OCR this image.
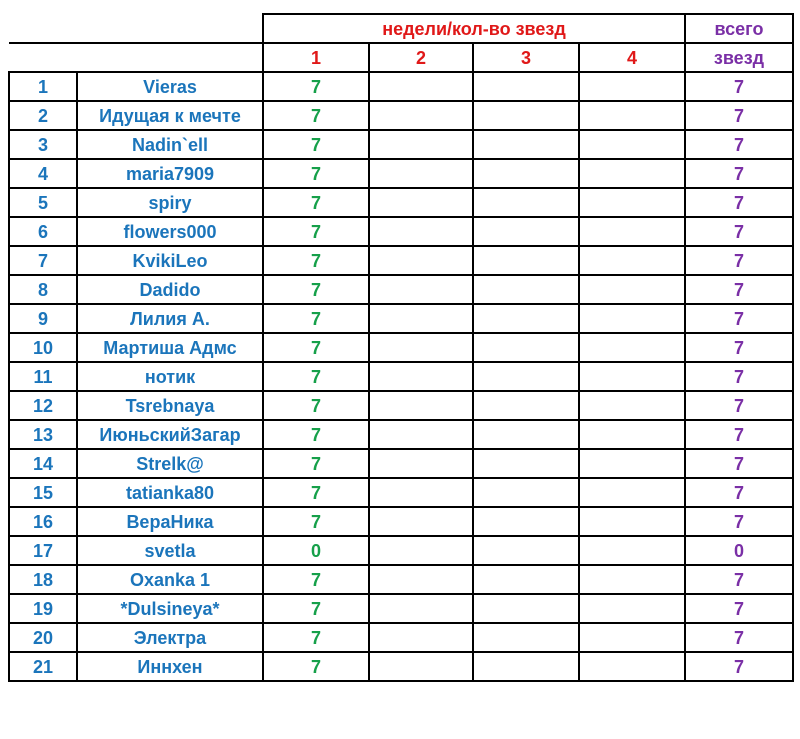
		недели/кол-во звезд				всего
		1	2	3	4	звезд
1	Vieras	7				7
2	Идущая к мечте	7				7
3	Nadin`ell	7				7
4	maria7909	7				7
5	spiry	7				7
6	flowers000	7				7
7	KvikiLeo	7				7
8	Dadido	7				7
9	Лилия А.	7				7
10	Мартиша Адмс	7				7
11	нотик	7				7
12	Tsrebnaya	7				7
13	ИюньскийЗагар	7				7
14	Strelk@	7				7
15	tatianka80	7				7
16	ВераНика	7				7
17	svetla	0				0
18	Охаnka 1	7				7
19	*Dulsineya*	7				7
20	Электра	7				7
21	Иннхен	7				7
